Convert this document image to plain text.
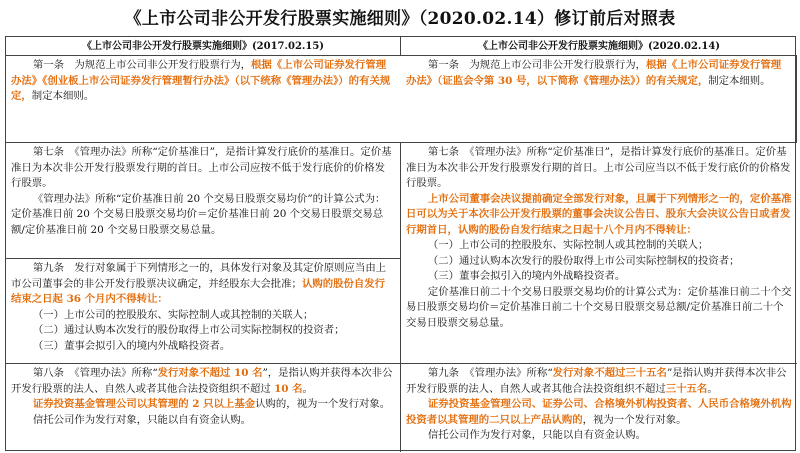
《上市公司非公开发行股票实施细则》（2020.02.14）修订前后对照表
《上市公司非公开发行股票实施细则》(2017.02.15)	《上市公司非公开发行股票实施细则》(2020.02.14)
第一条　为规范上市公司非公开发行股票行为，根据《上市公司证券发行管理办法》（证监会令第 30 号，以下简称《管理办法》）的有关规定，制定本细则。
第一条　为规范上市公司非公开发行股票行为，根据《上市公司证券发行管理办法》《创业板上市公司证券发行管理暂行办法》（以下统称《管理办法》）的有关规定，制定本细则。
第七条　《管理办法》所称“定价基准日”，是指计算发行底价的基准日。定价基准日为本次非公开发行股票发行期的首日。上市公司应按不低于发行底价的价格发行股票。
《管理办法》所称“定价基准日前 20 个交易日股票交易均价”的计算公式为：定价基准日前 20 个交易日股票交易均价＝定价基准日前 20 个交易日股票交易总额/定价基准日前 20 个交易日股票交易总量。
第七条　《管理办法》所称“定价基准日”，是指计算发行底价的基准日。定价基准日为本次非公开发行股票发行期的首日。上市公司应当以不低于发行底价的价格发行股票。
上市公司董事会决议提前确定全部发行对象，且属于下列情形之一的，定价基准日可以为关于本次非公开发行股票的董事会决议公告日、股东大会决议公告日或者发行期首日，认购的股份自发行结束之日起十八个月内不得转让：
（一）上市公司的控股股东、实际控制人或其控制的关联人；
（二）通过认购本次发行的股份取得上市公司实际控制权的投资者；
（三）董事会拟引入的境内外战略投资者。
定价基准日前二十个交易日股票交易均价的计算公式为：定价基准日前二十个交易日股票交易均价＝定价基准日前二十个交易日股票交易总额/定价基准日前二十个交易日股票交易总量。
第九条　发行对象属于下列情形之一的，具体发行对象及其定价原则应当由上市公司董事会的非公开发行股票决议确定，并经股东大会批准；认购的股份自发行结束之日起 36 个月内不得转让：
（一）上市公司的控股股东、实际控制人或其控制的关联人；
（二）通过认购本次发行的股份取得上市公司实际控制权的投资者；
（三）董事会拟引入的境内外战略投资者。
第八条　《管理办法》所称“发行对象不超过 10 名”，是指认购并获得本次非公开发行股票的法人、自然人或者其他合法投资组织不超过 10 名。
证券投资基金管理公司以其管理的 2 只以上基金认购的，视为一个发行对象。
信托公司作为发行对象，只能以自有资金认购。
第九条　《管理办法》所称“发行对象不超过三十五名”是指认购并获得本次非公开发行股票的法人、自然人或者其他合法投资组织不超过三十五名。
证券投资基金管理公司、证券公司、合格境外机构投资者、人民币合格境外机构投资者以其管理的二只以上产品认购的，视为一个发行对象。
信托公司作为发行对象，只能以自有资金认购。
